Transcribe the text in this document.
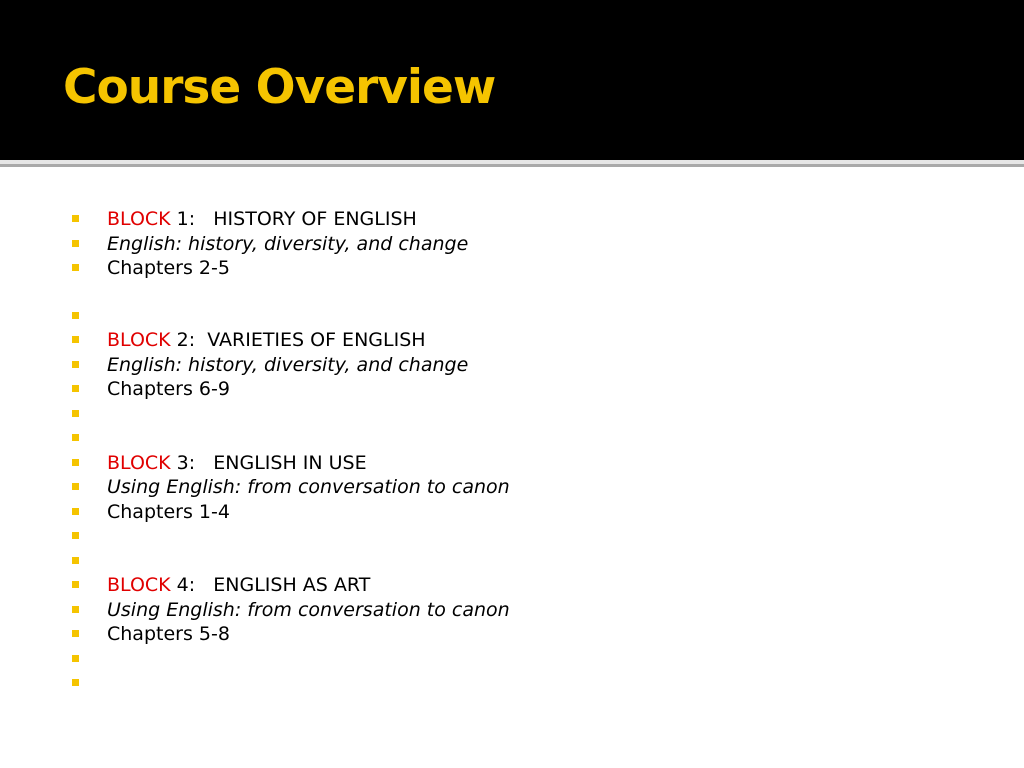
Course Overview
BLOCK 1:   HISTORY OF ENGLISH
English: history, diversity, and change
Chapters 2-5
BLOCK 2:  VARIETIES OF ENGLISH
English: history, diversity, and change
Chapters 6-9
BLOCK 3:   ENGLISH IN USE
Using English: from conversation to canon
Chapters 1-4
BLOCK 4:   ENGLISH AS ART
Using English: from conversation to canon
Chapters 5-8
